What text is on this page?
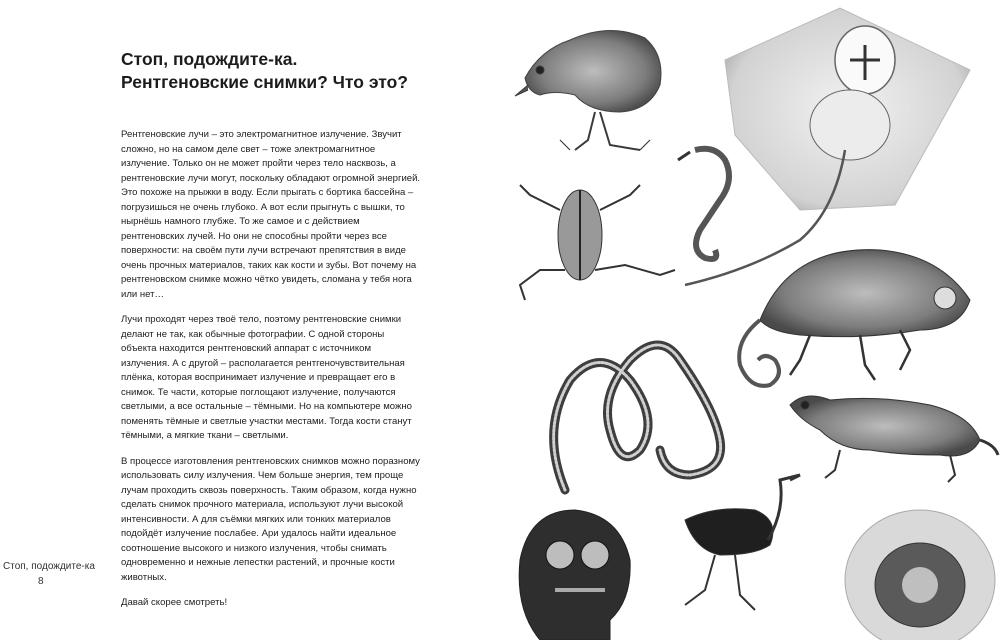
Стоп, подождите-ка.
Рентгеновские снимки? Что это?

Рентгеновские лучи – это электромагнитное излучение. Звучит сложно, но на самом деле свет – тоже электромагнитное излучение. Только он не может пройти через тело насквозь, а рентгеновские лучи могут, поскольку обладают огромной энергией. Это похоже на прыжки в воду. Если прыгать с бортика бассейна – погрузишься не очень глубоко. А вот если прыгнуть с вышки, то нырнёшь намного глубже. То же самое и с действием рентгеновских лучей. Но они не способны пройти через все поверхности: на своём пути лучи встречают препятствия в виде очень прочных материалов, таких как кости и зубы. Вот почему на рентгеновском снимке можно чётко увидеть, сломана у тебя нога или нет…

Лучи проходят через твоё тело, поэтому рентгеновские снимки делают не так, как обычные фотографии. С одной стороны объекта находится рентгеновский аппарат с источником излучения. А с другой – располагается рентгеночувствительная плёнка, которая воспринимает излучение и превращает его в снимок. Те части, которые поглощают излучение, получаются светлыми, а все остальные – тёмными. Но на компьютере можно поменять тёмные и светлые участки местами. Тогда кости станут тёмными, а мягкие ткани – светлыми.

В процессе изготовления рентгеновских снимков можно поразному использовать силу излучения. Чем больше энергия, тем проще лучам проходить сквозь поверхность. Таким образом, когда нужно сделать снимок прочного материала, используют лучи высокой интенсивности. А для съёмки мягких или тонких материалов подойдёт излучение послабее. Ари удалось найти идеальное соотношение высокого и низкого излучения, чтобы снимать одновременно и нежные лепестки растений, и прочные кости животных.

Давай скорее смотреть!

Стоп, подождите-ка

8
